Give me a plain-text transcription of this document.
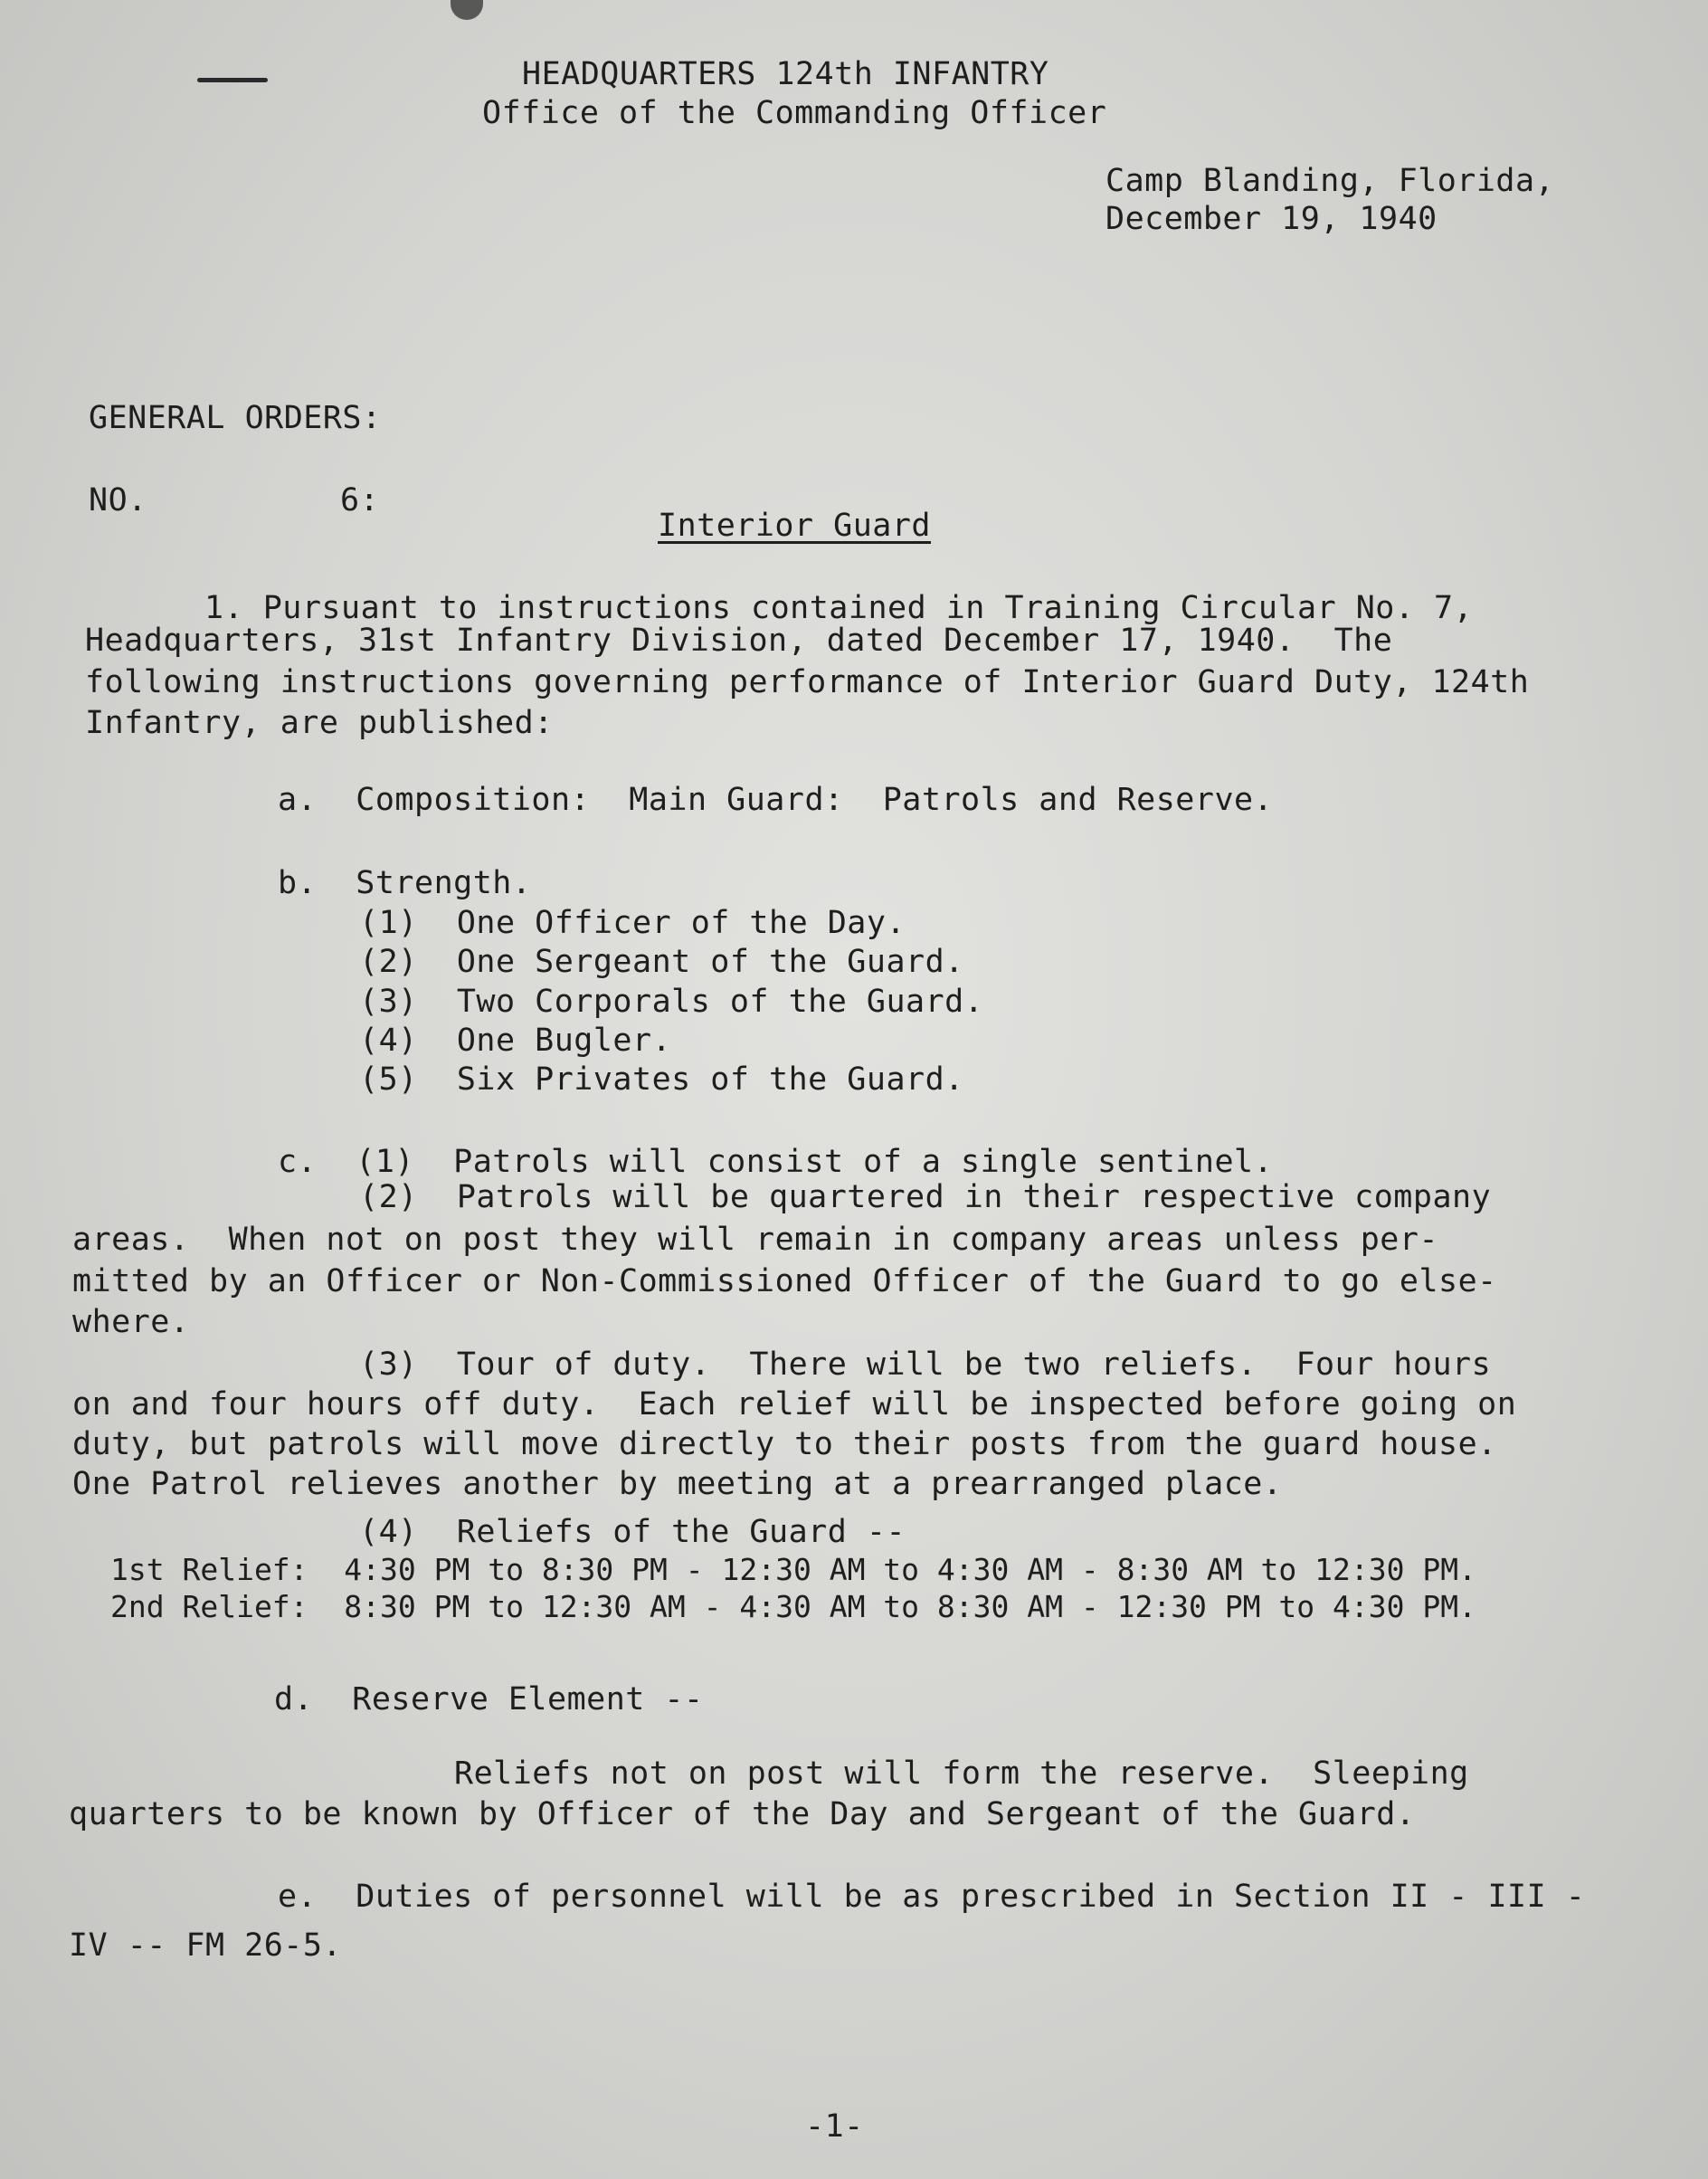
HEADQUARTERS 124th INFANTRY
Office of the Commanding Officer
Camp Blanding, Florida,
December 19, 1940
GENERAL ORDERS:
NO.	6:
Interior Guard
1. Pursuant to instructions contained in Training Circular No. 7,
Headquarters, 31st Infantry Division, dated December 17, 1940.  The
following instructions governing performance of Interior Guard Duty, 124th
Infantry, are published:
a.  Composition:  Main Guard:  Patrols and Reserve.
b.  Strength.
(1)  One Officer of the Day.
(2)  One Sergeant of the Guard.
(3)  Two Corporals of the Guard.
(4)  One Bugler.
(5)  Six Privates of the Guard.
c.  (1)  Patrols will consist of a single sentinel.
(2)  Patrols will be quartered in their respective company
areas.  When not on post they will remain in company areas unless per-
mitted by an Officer or Non-Commissioned Officer of the Guard to go else-
where.
(3)  Tour of duty.  There will be two reliefs.  Four hours
on and four hours off duty.  Each relief will be inspected before going on
duty, but patrols will move directly to their posts from the guard house.
One Patrol relieves another by meeting at a prearranged place.
(4)  Reliefs of the Guard --
1st Relief:  4:30 PM to 8:30 PM - 12:30 AM to 4:30 AM - 8:30 AM to 12:30 PM.
2nd Relief:  8:30 PM to 12:30 AM - 4:30 AM to 8:30 AM - 12:30 PM to 4:30 PM.
d.  Reserve Element --
Reliefs not on post will form the reserve.  Sleeping
quarters to be known by Officer of the Day and Sergeant of the Guard.
e.  Duties of personnel will be as prescribed in Section II - III -
IV -- FM 26-5.
-1-
